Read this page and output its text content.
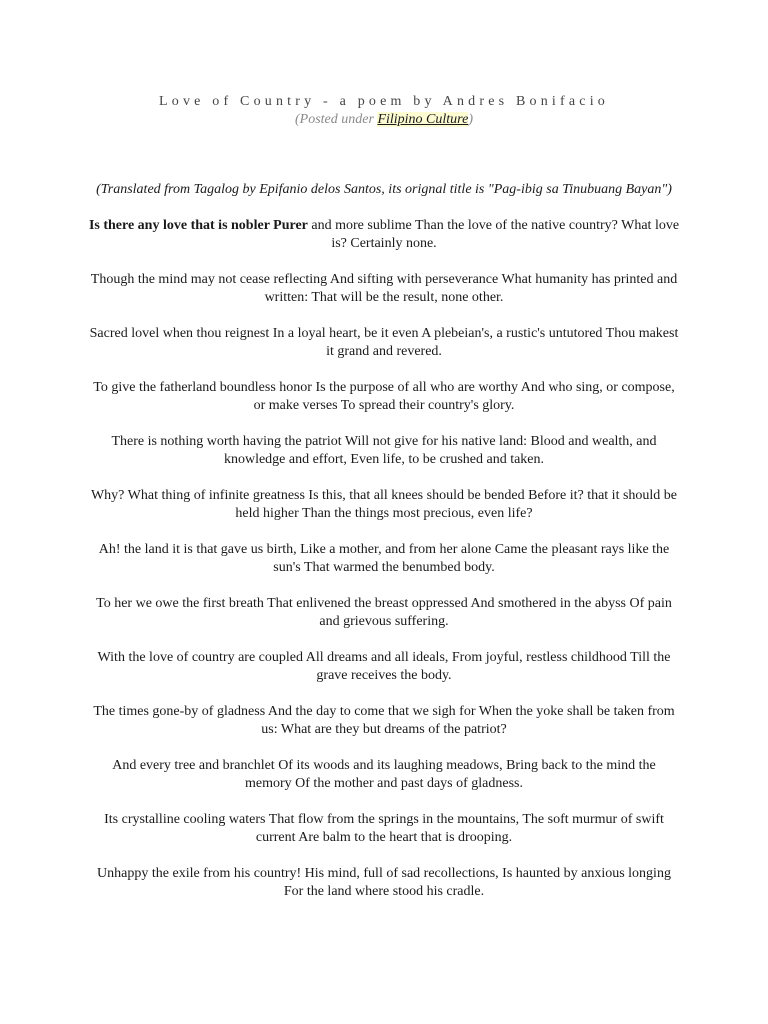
Love of Country - a poem by Andres Bonifacio

(Posted under Filipino Culture)

(Translated from Tagalog by Epifanio delos Santos, its orignal title is "Pag-ibig sa Tinubuang Bayan")

Is there any love that is nobler Purer and more sublime Than the love of the native country? What love is? Certainly none.

Though the mind may not cease reflecting And sifting with perseverance What humanity has printed and written: That will be the result, none other.

Sacred lovel when thou reignest In a loyal heart, be it even A plebeian's, a rustic's untutored Thou makest it grand and revered.

To give the fatherland boundless honor Is the purpose of all who are worthy And who sing, or compose, or make verses To spread their country's glory.

There is nothing worth having the patriot Will not give for his native land: Blood and wealth, and knowledge and effort, Even life, to be crushed and taken.

Why? What thing of infinite greatness Is this, that all knees should be bended Before it? that it should be held higher Than the things most precious, even life?

Ah! the land it is that gave us birth, Like a mother, and from her alone Came the pleasant rays like the sun's That warmed the benumbed body.

To her we owe the first breath That enlivened the breast oppressed And smothered in the abyss Of pain and grievous suffering.

With the love of country are coupled All dreams and all ideals, From joyful, restless childhood Till the grave receives the body.

The times gone-by of gladness And the day to come that we sigh for When the yoke shall be taken from us: What are they but dreams of the patriot?

And every tree and branchlet Of its woods and its laughing meadows, Bring back to the mind the memory Of the mother and past days of gladness.

Its crystalline cooling waters That flow from the springs in the mountains, The soft murmur of swift current Are balm to the heart that is drooping.

Unhappy the exile from his country! His mind, full of sad recollections, Is haunted by anxious longing For the land where stood his cradle.
